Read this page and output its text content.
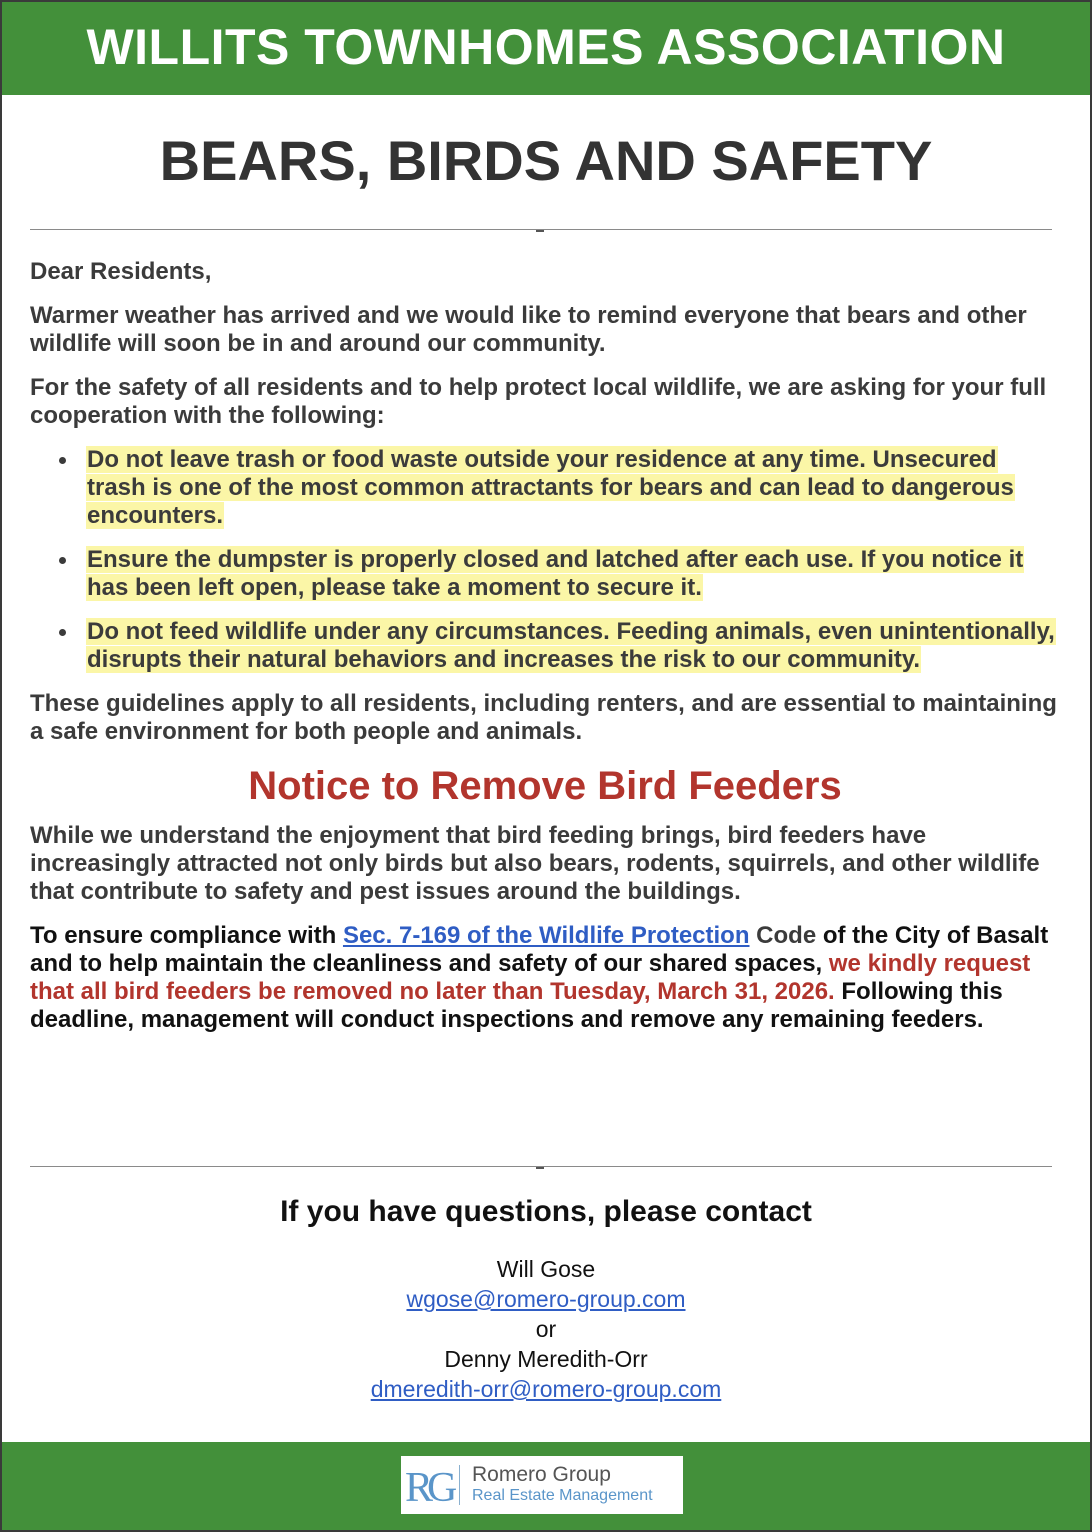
WILLITS TOWNHOMES ASSOCIATION
BEARS, BIRDS AND SAFETY

Dear Residents,

Warmer weather has arrived and we would like to remind everyone that bears and other wildlife will soon be in and around our community.

For the safety of all residents and to help protect local wildlife, we are asking for your full cooperation with the following:

Do not leave trash or food waste outside your residence at any time. Unsecured trash is one of the most common attractants for bears and can lead to dangerous encounters.
Ensure the dumpster is properly closed and latched after each use. If you notice it has been left open, please take a moment to secure it.
Do not feed wildlife under any circumstances. Feeding animals, even unintentionally, disrupts their natural behaviors and increases the risk to our community.

These guidelines apply to all residents, including renters, and are essential to maintaining a safe environment for both people and animals.

Notice to Remove Bird Feeders

While we understand the enjoyment that bird feeding brings, bird feeders have increasingly attracted not only birds but also bears, rodents, squirrels, and other wildlife that contribute to safety and pest issues around the buildings.

To ensure compliance with Sec. 7-169 of the Wildlife Protection Code of the City of Basalt and to help maintain the cleanliness and safety of our shared spaces, we kindly request that all bird feeders be removed no later than Tuesday, March 31, 2026. Following this deadline, management will conduct inspections and remove any remaining feeders.

If you have questions, please contact
Will Gose
wgose@romero-group.com
or
Denny Meredith-Orr
dmeredith-orr@romero-group.com
R
G Romero Group
Real Estate Management
